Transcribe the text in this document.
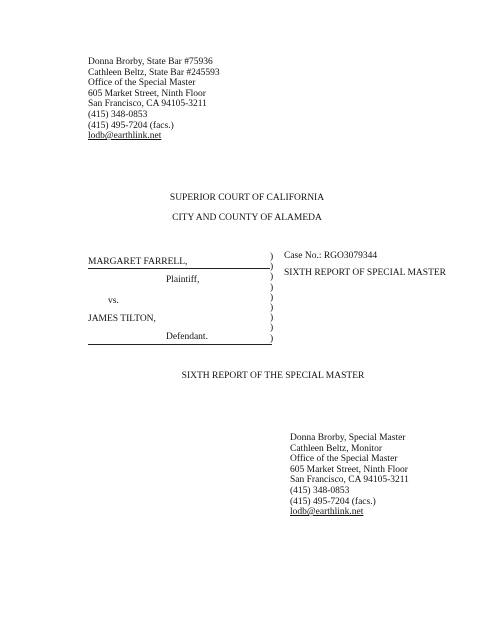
Donna Brorby, State Bar #75936
Cathleen Beltz, State Bar #245593
Office of the Special Master
605 Market Street, Ninth Floor
San Francisco, CA 94105-3211
(415) 348-0853
(415) 495-7204 (facs.)
lodb@earthlink.net
SUPERIOR COURT OF CALIFORNIA
CITY AND COUNTY OF ALAMEDA
MARGARET FARRELL,
Plaintiff,
vs.
JAMES TILTON,
Defendant.
)
)
)
)
)
)
)
)
)
Case No.: RGO3079344
SIXTH REPORT OF SPECIAL MASTER
SIXTH REPORT OF THE SPECIAL MASTER
Donna Brorby, Special Master
Cathleen Beltz, Monitor
Office of the Special Master
605 Market Street, Ninth Floor
San Francisco, CA 94105-3211
(415) 348-0853
(415) 495-7204 (facs.)
lodb@earthlink.net
